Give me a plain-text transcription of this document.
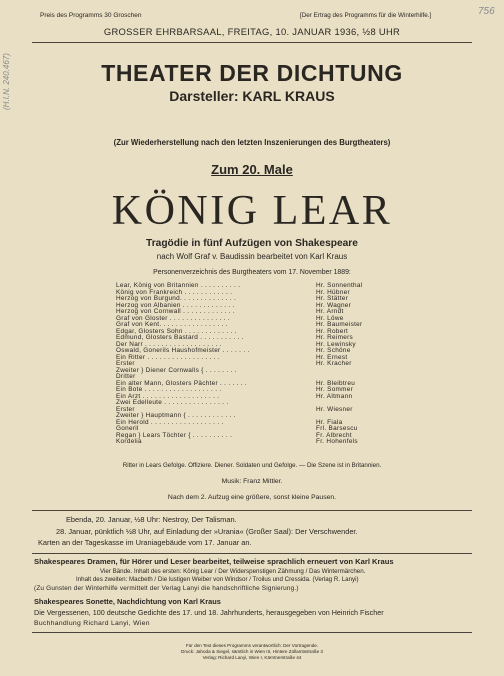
(H.I.N. 240.467)
756
Preis des Programms 30 Groschen	[Der Ertrag des Programms für die Winterhilfe.]
GROSSER EHRBARSAAL, FREITAG, 10. JANUAR 1936, ½8 UHR
THEATER DER DICHTUNG
Darsteller: KARL KRAUS
(Zur Wiederherstellung nach den letzten Inszenierungen des Burgtheaters)
Zum 20. Male
KÖNIG LEAR
Tragödie in fünf Aufzügen von Shakespeare
nach Wolf Graf v. Baudissin bearbeitet von Karl Kraus
Personenverzeichnis des Burgtheaters vom 17. November 1889:
Lear, König von Britannien . . . . . . . . . .	Hr. Sonnenthal
König von Frankreich . . . . . . . . . . . .	Hr. Hübner
Herzog von Burgund. . . . . . . . . . . . . .	Hr. Stätter
Herzog von Albanien . . . . . . . . . . . . .	Hr. Wagner
Herzog von Cornwall . . . . . . . . . . . . .	Hr. Arndt
Graf von Gloster . . . . . . . . . . . . . . .	Hr. Löwe
Graf von Kent. . . . . . . . . . . . . . . . .	Hr. Baumeister
Edgar, Glosters Sohn . . . . . . . . . . . . .	Hr. Robert
Edmund, Glosters Bastard . . . . . . . . . . .	Hr. Reimers
Der Narr . . . . . . . . . . . . . . . . . . .	Hr. Lewinsky
Oswald, Gonerils Haushofmeister . . . . . . .	Hr. Schöne
Ein Ritter . . . . . . . . . . . . . . . . . .	Hr. Ernest
Erster	Hr. Kracher
Zweiter } Diener Cornwalls { . . . . . . . .
Dritter
Ein alter Mann, Glosters Pächter . . . . . . .	Hr. Bleibtreu
Ein Bote . . . . . . . . . . . . . . . . . . .	Hr. Sommer
Ein Arzt . . . . . . . . . . . . . . . . . . .	Hr. Altmann
Zwei Edelleute . . . . . . . . . . . . . . . .
Erster	Hr. Wiesner
Zweiter } Hauptmann { . . . . . . . . . . . .
Ein Herold . . . . . . . . . . . . . . . . . .	Hr. Fiala
Goneril	Frl. Barsescu
Regan } Lears Töchter { . . . . . . . . . .	Fr. Albrecht
Kordelia	Fr. Hohenfels
Ritter in Lears Gefolge. Offiziere. Diener. Soldaten und Gefolge. — Die Szene ist in Britannien.
Musik: Franz Mittler.
Nach dem 2. Aufzug eine größere, sonst kleine Pausen.
Ebenda, 20. Januar, ½8 Uhr: Nestroy, Der Talisman.
28. Januar, pünktlich ½8 Uhr, auf Einladung der »Urania« (Großer Saal): Der Verschwender.
Karten an der Tageskasse im Uraniagebäude vom 17. Januar an.
Shakespeares Dramen, für Hörer und Leser bearbeitet, teilweise sprachlich erneuert von Karl Kraus
Vier Bände. Inhalt des ersten: König Lear / Der Widerspenstigen Zähmung / Das Wintermärchen.
Inhalt des zweiten: Macbeth / Die lustigen Weiber von Windsor / Troilus und Cressida. (Verlag R. Lanyi)
(Zu Gunsten der Winterhilfe vermittelt der Verlag Lanyi die handschriftliche Signierung.)
Shakespeares Sonette, Nachdichtung von Karl Kraus
Die Vergessenen, 100 deutsche Gedichte des 17. und 18. Jahrhunderts, herausgegeben von Heinrich Fischer
Buchhandlung Richard Lanyi, Wien
Für den Text dieses Programms verantwortlich: Der Vortragende.
Druck: Jahoda & Siegel, sämtlich in Wien III, Hintere Zollamtsstraße 3
Verlag: Richard Lanyi, Wien I, Kärntnerstraße 44
